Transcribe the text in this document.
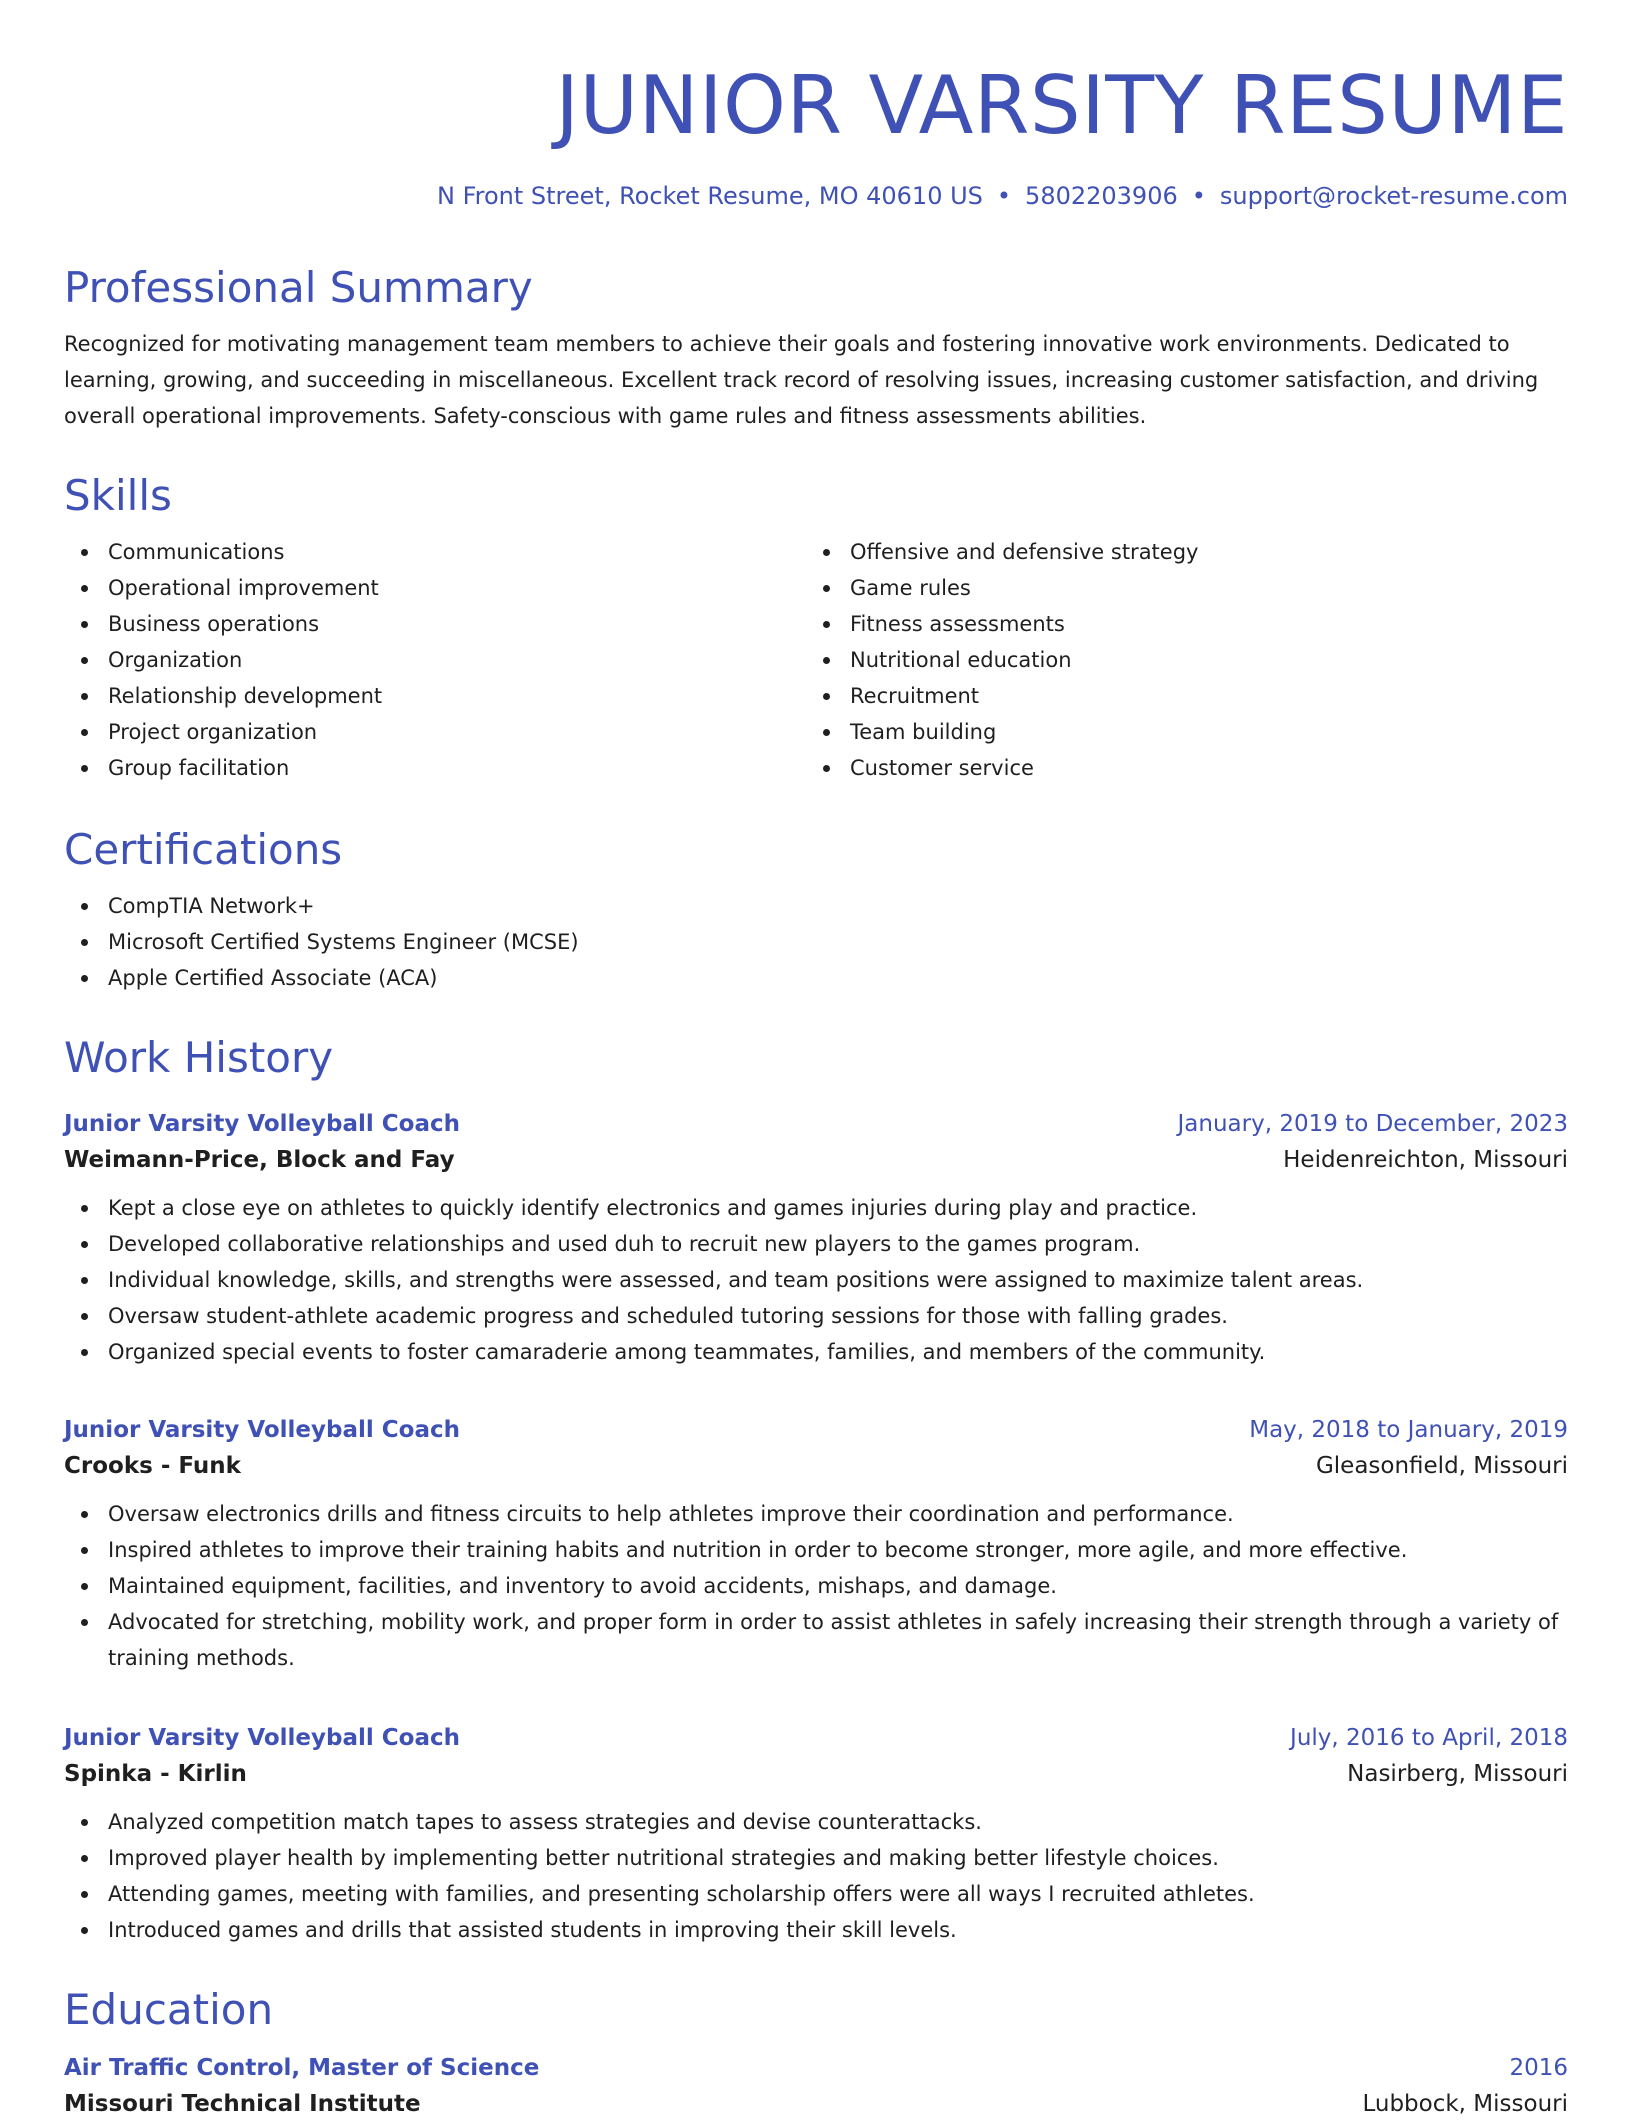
JUNIOR VARSITY RESUME
N Front Street, Rocket Resume, MO 40610 US • 5802203906 • support@rocket-resume.com
Professional Summary

Recognized for motivating management team members to achieve their goals and fostering innovative work environments. Dedicated to learning, growing, and succeeding in miscellaneous. Excellent track record of resolving issues, increasing customer satisfaction, and driving overall operational improvements. Safety-conscious with game rules and fitness assessments abilities.

Skills
Communications
Operational improvement
Business operations
Organization
Relationship development
Project organization
Group facilitation
Offensive and defensive strategy
Game rules
Fitness assessments
Nutritional education
Recruitment
Team building
Customer service
Certifications
CompTIA Network+
Microsoft Certified Systems Engineer (MCSE)
Apple Certified Associate (ACA)
Work History
Junior Varsity Volleyball Coach	January, 2019 to December, 2023
Weimann-Price, Block and Fay	Heidenreichton, Missouri
Kept a close eye on athletes to quickly identify electronics and games injuries during play and practice.
Developed collaborative relationships and used duh to recruit new players to the games program.
Individual knowledge, skills, and strengths were assessed, and team positions were assigned to maximize talent areas.
Oversaw student-athlete academic progress and scheduled tutoring sessions for those with falling grades.
Organized special events to foster camaraderie among teammates, families, and members of the community.
Junior Varsity Volleyball Coach	May, 2018 to January, 2019
Crooks - Funk	Gleasonfield, Missouri
Oversaw electronics drills and fitness circuits to help athletes improve their coordination and performance.
Inspired athletes to improve their training habits and nutrition in order to become stronger, more agile, and more effective.
Maintained equipment, facilities, and inventory to avoid accidents, mishaps, and damage.
Advocated for stretching, mobility work, and proper form in order to assist athletes in safely increasing their strength through a variety of training methods.
Junior Varsity Volleyball Coach	July, 2016 to April, 2018
Spinka - Kirlin	Nasirberg, Missouri
Analyzed competition match tapes to assess strategies and devise counterattacks.
Improved player health by implementing better nutritional strategies and making better lifestyle choices.
Attending games, meeting with families, and presenting scholarship offers were all ways I recruited athletes.
Introduced games and drills that assisted students in improving their skill levels.
Education
Air Traffic Control, Master of Science	2016
Missouri Technical Institute	Lubbock, Missouri
